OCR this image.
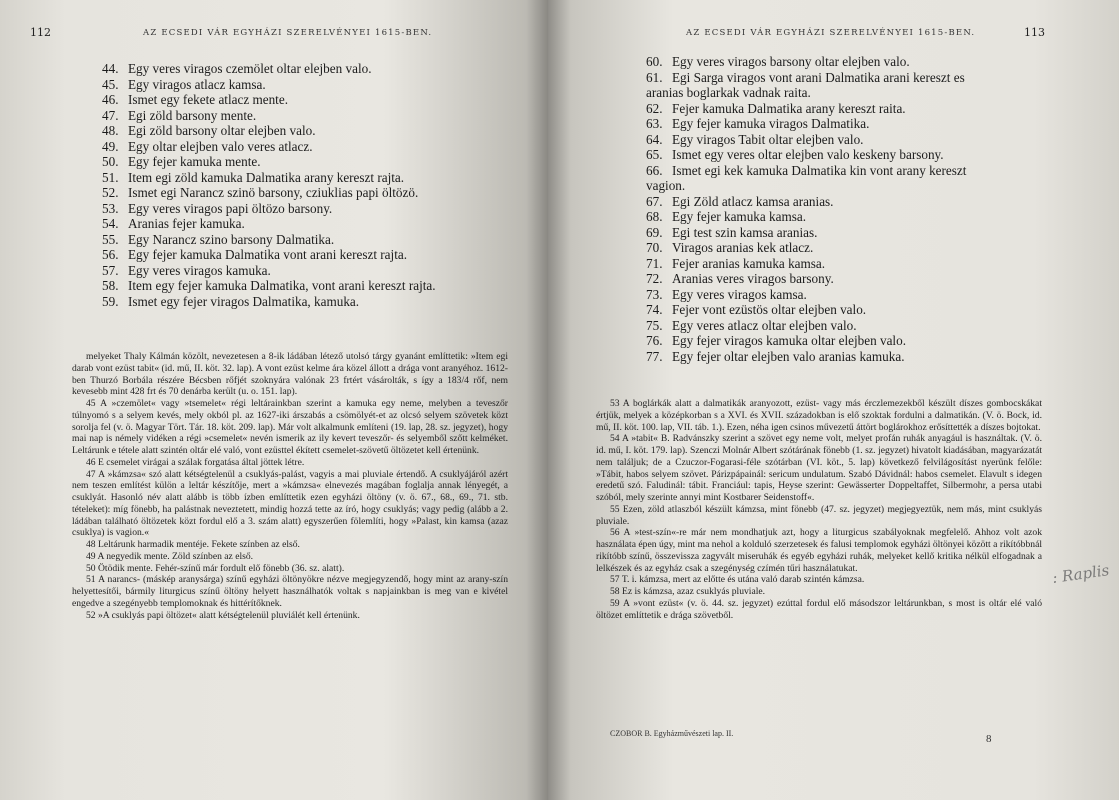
112	AZ ECSEDI VÁR EGYHÁZI SZERELVÉNYEI 1615-BEN.
44. Egy veres viragos czemölet oltar elejben valo.
45. Egy viragos atlacz kamsa.
46. Ismet egy fekete atlacz mente.
47. Egi zöld barsony mente.
48. Egi zöld barsony oltar elejben valo.
49. Egy oltar elejben valo veres atlacz.
50. Egy fejer kamuka mente.
51. Item egi zöld kamuka Dalmatika arany kereszt rajta.
52. Ismet egi Narancz szinö barsony, cziuklias papi öltözö.
53. Egy veres viragos papi öltözo barsony.
54. Aranias fejer kamuka.
55. Egy Narancz szino barsony Dalmatika.
56. Egy fejer kamuka Dalmatika vont arani kereszt rajta.
57. Egy veres viragos kamuka.
58. Item egy fejer kamuka Dalmatika, vont arani kereszt rajta.
59. Ismet egy fejer viragos Dalmatika, kamuka.

melyeket Thaly Kálmán közölt, nevezetesen a 8-ik ládában létező utolsó tárgy gyanánt említtetik: »Item egi darab vont ezüst tabit« (id. mű, II. köt. 32. lap). A vont ezüst kelme ára közel állott a drága vont aranyéhoz. 1612-ben Thurzó Borbála részére Bécsben rőfjét szoknyára valónak 23 frtért vásárolták, s így a 183/4 rőf, nem kevesebb mint 428 frt és 70 denárba került (u. o. 151. lap).

45 A »czemölet« vagy »tsemelet« régi leltárainkban szerint a kamuka egy neme, melyben a teveszőr túlnyomó s a selyem kevés, mely okból pl. az 1627-iki árszabás a csömölyét-et az olcsó selyem szövetek közt sorolja fel (v. ö. Magyar Tört. Tár. 18. köt. 209. lap). Már volt alkalmunk említeni (19. lap, 28. sz. jegyzet), hogy mai nap is némely vidéken a régi »csemelet« nevén ismerik az ily kevert teveszőr- és selyemből szőtt kelméket. Leltárunk e tétele alatt szintén oltár elé való, vont ezüsttel ékített csemelet-szövetű öltözetet kell értenünk.

46 E csemelet virágai a szálak forgatása által jöttek létre.

47 A »kámzsa« szó alatt kétségtelenül a csuklyás-palást, vagyis a mai pluviale értendő. A csuklyájáról azért nem teszen említést külön a leltár készítője, mert a »kámzsa« elnevezés magában foglalja annak lényegét, a csuklyát. Hasonló név alatt alább is több ízben említtetik ezen egyházi öltöny (v. ö. 67., 68., 69., 71. stb. tételeket): míg fönebb, ha palástnak neveztetett, mindig hozzá tette az író, hogy csuklyás; vagy pedig (alább a 2. ládában található öltözetek közt fordul elő a 3. szám alatt) egyszerűen fölemlíti, hogy »Palast, kin kamsa (azaz csuklya) is vagion.«

48 Leltárunk harmadik mentéje. Fekete színben az első.

49 A negyedik mente. Zöld színben az első.

50 Ötödik mente. Fehér-színű már fordult elő fönebb (36. sz. alatt).

51 A narancs- (máskép aranysárga) színű egyházi öltönyökre nézve megjegyzendő, hogy mint az arany-szín helyettesítői, bármily liturgicus színű öltöny helyett használhatók voltak s napjainkban is meg van e kivétel engedve a szegényebb templomoknak és hittérítőknek.

52 »A csuklyás papi öltözet« alatt kétségtelenül pluviálét kell értenünk.

AZ ECSEDI VÁR EGYHÁZI SZERELVÉNYEI 1615-BEN.	113
60. Egy veres viragos barsony oltar elejben valo.
61. Egi Sarga viragos vont arani Dalmatika arani kereszt es
aranias boglarkak vadnak raita.
62. Fejer kamuka Dalmatika arany kereszt raita.
63. Egy fejer kamuka viragos Dalmatika.
64. Egy viragos Tabit oltar elejben valo.
65. Ismet egy veres oltar elejben valo keskeny barsony.
66. Ismet egi kek kamuka Dalmatika kin vont arany kereszt
vagion.
67. Egi Zöld atlacz kamsa aranias.
68. Egy fejer kamuka kamsa.
69. Egi test szin kamsa aranias.
70. Viragos aranias kek atlacz.
71. Fejer aranias kamuka kamsa.
72. Aranias veres viragos barsony.
73. Egy veres viragos kamsa.
74. Fejer vont ezüstös oltar elejben valo.
75. Egy veres atlacz oltar elejben valo.
76. Egy fejer viragos kamuka oltar elejben valo.
77. Egy fejer oltar elejben valo aranias kamuka.

53 A boglárkák alatt a dalmatikák aranyozott, ezüst- vagy más érczlemezekből készült díszes gombocskákat értjük, melyek a középkorban s a XVI. és XVII. századokban is elő szoktak fordulni a dalmatikán. (V. ö. Bock, id. mű, II. köt. 100. lap, VII. táb. 1.). Ezen, néha igen csinos művezetű áttört boglárokhoz erősíttették a díszes bojtokat.

54 A »tabit« B. Radvánszky szerint a szövet egy neme volt, melyet profán ruhák anyagául is használtak. (V. ö. id. mű, I. köt. 179. lap). Szenczi Molnár Albert szótárának fönebb (1. sz. jegyzet) hivatolt kiadásában, magyarázatát nem találjuk; de a Czuczor-Fogarasi-féle szótárban (VI. köt., 5. lap) következő felvilágosítást nyerünk felőle: »Tábit, habos selyem szövet. Párizpápainál: sericum undulatum. Szabó Dávidnál: habos csemelet. Elavult s idegen eredetű szó. Faludinál: tábit. Franciául: tapis, Heyse szerint: Gewässerter Doppeltaffet, Silbermohr, a persa utabi szóból, mely szerinte annyi mint Kostbarer Seidenstoff«.

55 Ezen, zöld atlaszból készült kámzsa, mint fönebb (47. sz. jegyzet) megjegyeztük, nem más, mint csuklyás pluviale.

56 A »test-szín«-re már nem mondhatjuk azt, hogy a liturgicus szabályoknak megfelelő. Ahhoz volt azok használata épen úgy, mint ma nehol a kolduló szerzetesek és falusi templomok egyházi öltönyei között a rikítóbbnál rikítóbb színű, összevissza zagyvált miseruhák és egyéb egyházi ruhák, melyeket kellő kritika nélkül elfogadnak a lelkészek és az egyház csak a szegénység czímén tűri használatukat.

57 T. i. kámzsa, mert az előtte és utána való darab szintén kámzsa.

58 Ez is kámzsa, azaz csuklyás pluviale.

59 A »vont ezüst« (v. ö. 44. sz. jegyzet) ezúttal fordul elő másodszor leltárunkban, s most is oltár elé való öltözet említtetik e drága szövetből.

CZOBOR B. Egyházművészeti lap. II.	8
: Raplis
